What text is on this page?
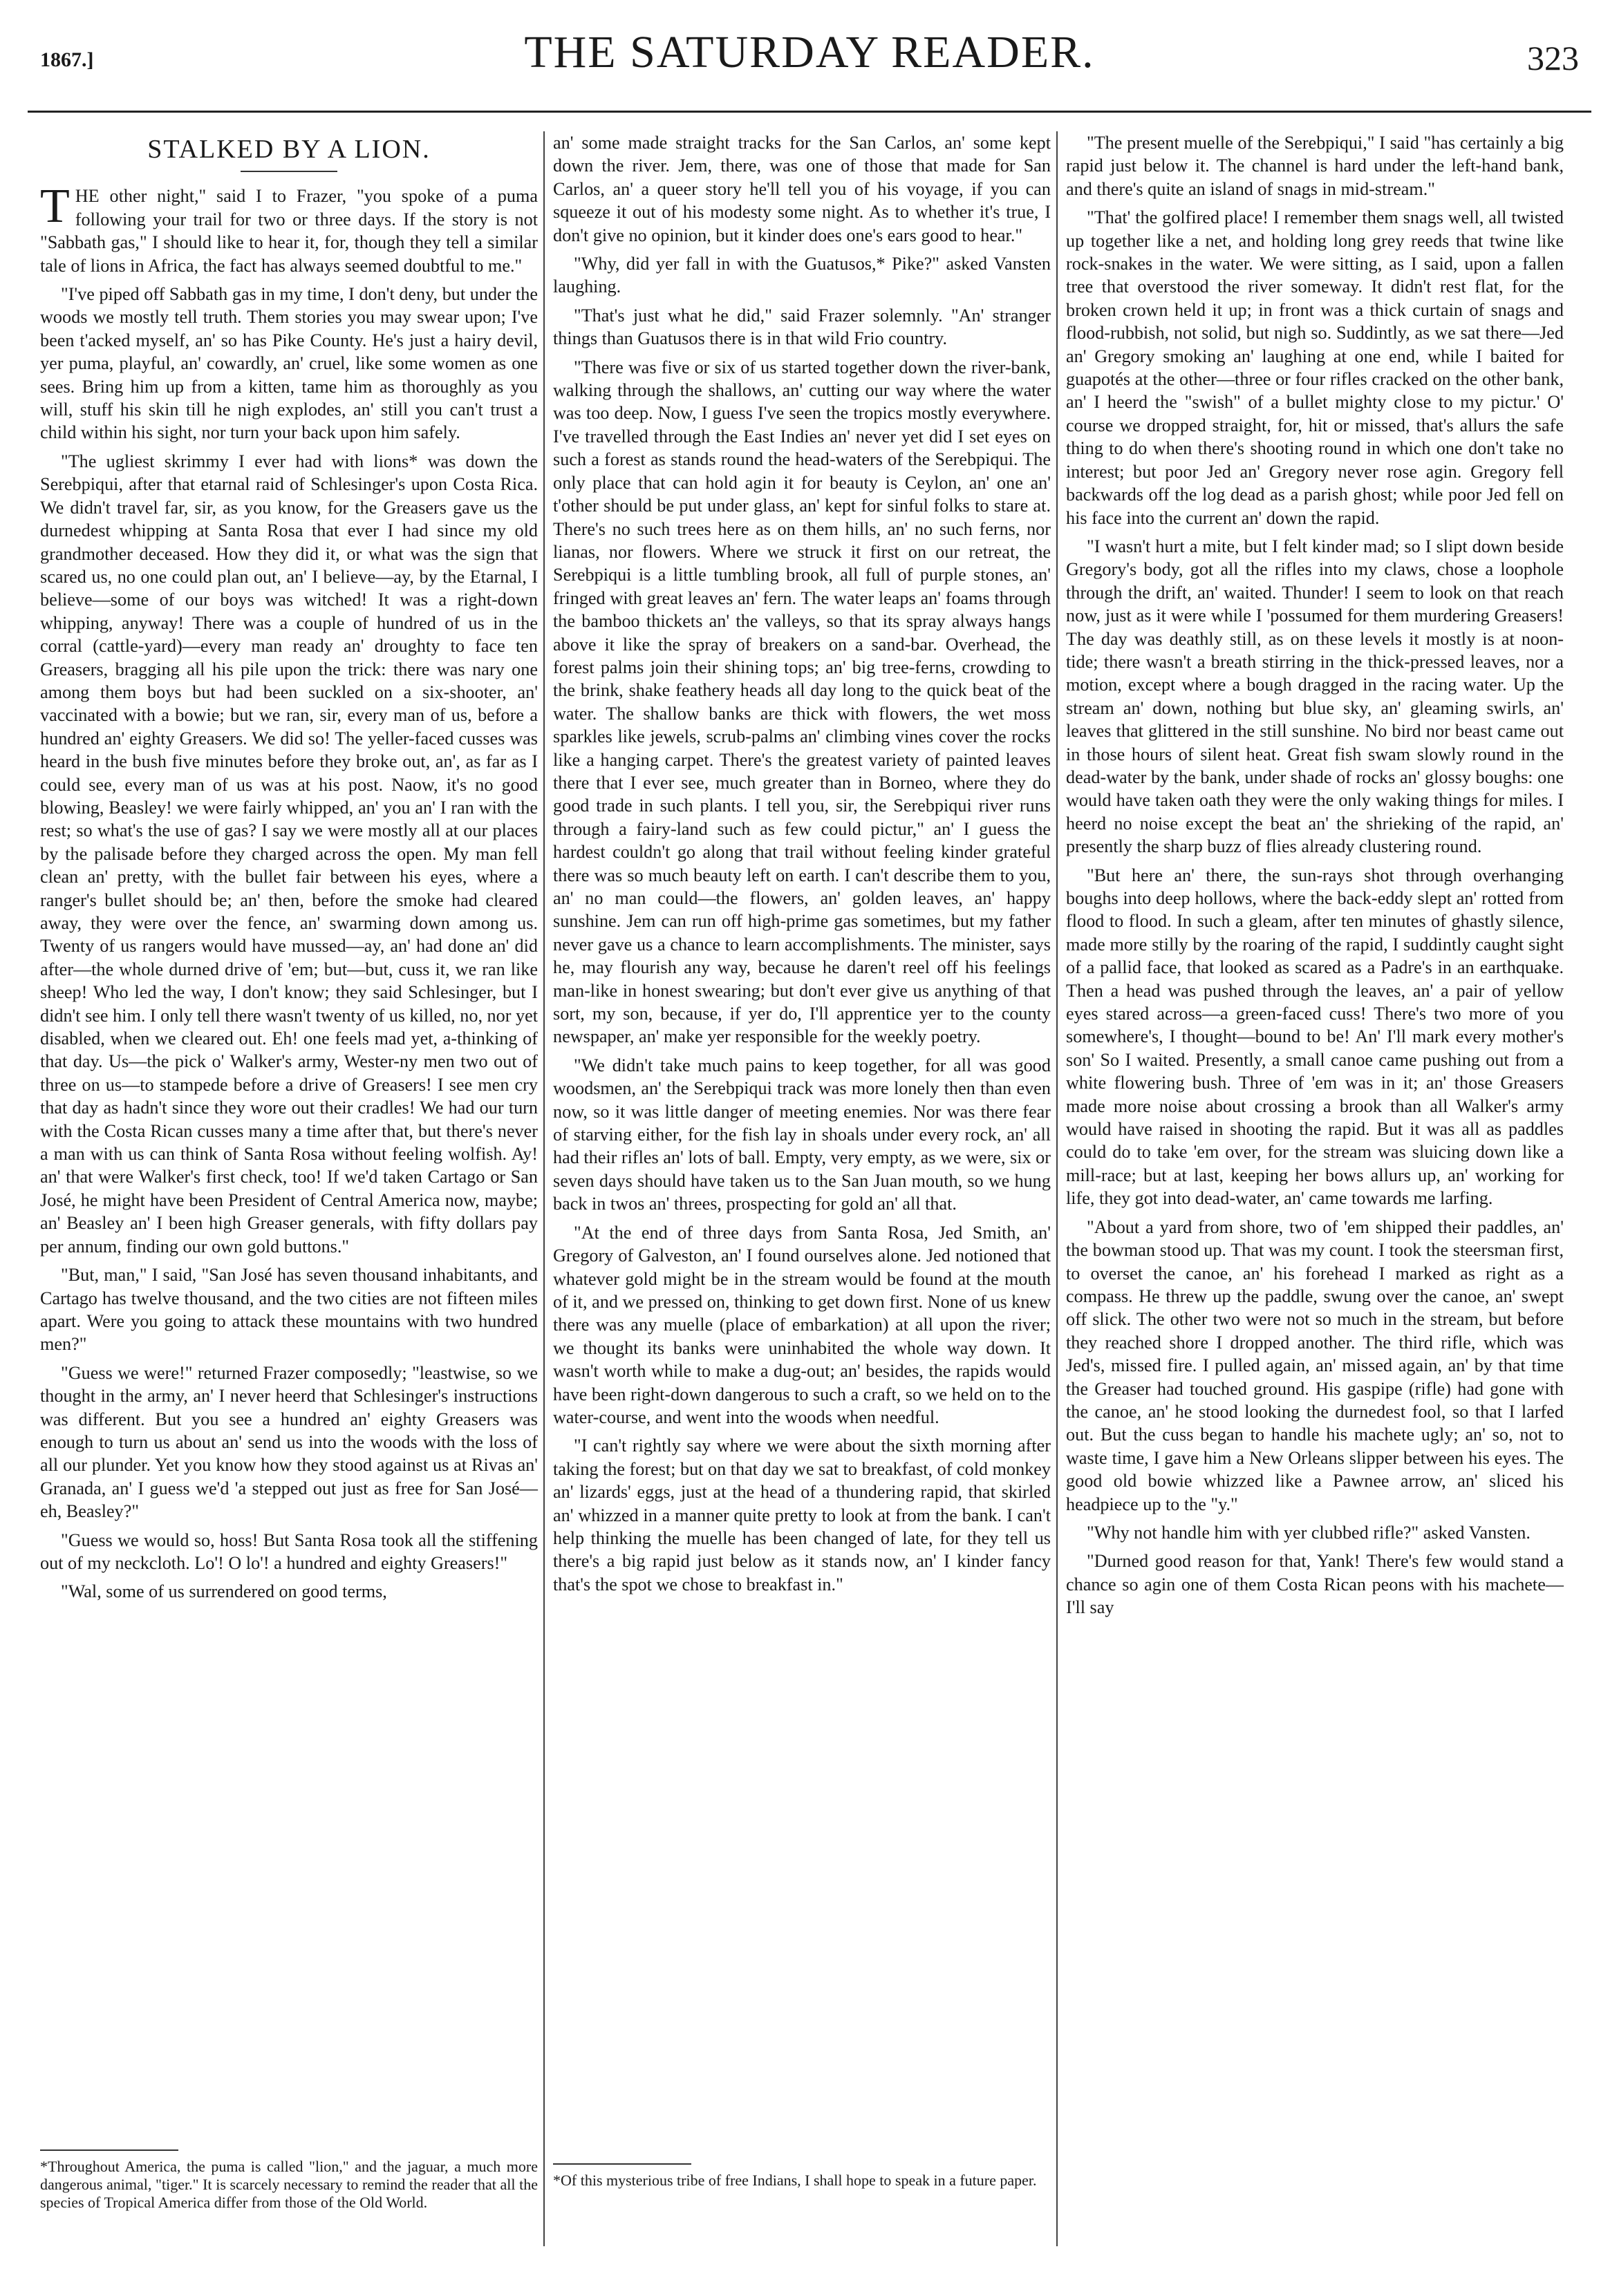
1867.]	THE SATURDAY READER.	323
STALKED BY A LION.

THE other night," said I to Frazer, "you spoke of a puma following your trail for two or three days. If the story is not "Sabbath gas," I should like to hear it, for, though they tell a similar tale of lions in Africa, the fact has always seemed doubtful to me."

"I've piped off Sabbath gas in my time, I don't deny, but under the woods we mostly tell truth. Them stories you may swear upon; I've been t'acked myself, an' so has Pike County. He's just a hairy devil, yer puma, playful, an' cowardly, an' cruel, like some women as one sees. Bring him up from a kitten, tame him as thoroughly as you will, stuff his skin till he nigh explodes, an' still you can't trust a child within his sight, nor turn your back upon him safely.

"The ugliest skrimmy I ever had with lions* was down the Serebpiqui, after that etarnal raid of Schlesinger's upon Costa Rica. We didn't travel far, sir, as you know, for the Greasers gave us the durnedest whipping at Santa Rosa that ever I had since my old grandmother deceased. How they did it, or what was the sign that scared us, no one could plan out, an' I believe—ay, by the Etarnal, I believe—some of our boys was witched! It was a right-down whipping, anyway! There was a couple of hundred of us in the corral (cattle-yard)—every man ready an' droughty to face ten Greasers, bragging all his pile upon the trick: there was nary one among them boys but had been suckled on a six-shooter, an' vaccinated with a bowie; but we ran, sir, every man of us, before a hundred an' eighty Greasers. We did so! The yeller-faced cusses was heard in the bush five minutes before they broke out, an', as far as I could see, every man of us was at his post. Naow, it's no good blowing, Beasley! we were fairly whipped, an' you an' I ran with the rest; so what's the use of gas? I say we were mostly all at our places by the palisade before they charged across the open. My man fell clean an' pretty, with the bullet fair between his eyes, where a ranger's bullet should be; an' then, before the smoke had cleared away, they were over the fence, an' swarming down among us. Twenty of us rangers would have mussed—ay, an' had done an' did after—the whole durned drive of 'em; but—but, cuss it, we ran like sheep! Who led the way, I don't know; they said Schlesinger, but I didn't see him. I only tell there wasn't twenty of us killed, no, nor yet disabled, when we cleared out. Eh! one feels mad yet, a-thinking of that day. Us—the pick o' Walker's army, Wester-ny men two out of three on us—to stampede before a drive of Greasers! I see men cry that day as hadn't since they wore out their cradles! We had our turn with the Costa Rican cusses many a time after that, but there's never a man with us can think of Santa Rosa without feeling wolfish. Ay! an' that were Walker's first check, too! If we'd taken Cartago or San José, he might have been President of Central America now, maybe; an' Beasley an' I been high Greaser generals, with fifty dollars pay per annum, finding our own gold buttons."

"But, man," I said, "San José has seven thousand inhabitants, and Cartago has twelve thousand, and the two cities are not fifteen miles apart. Were you going to attack these mountains with two hundred men?"

"Guess we were!" returned Frazer composedly; "leastwise, so we thought in the army, an' I never heerd that Schlesinger's instructions was different. But you see a hundred an' eighty Greasers was enough to turn us about an' send us into the woods with the loss of all our plunder. Yet you know how they stood against us at Rivas an' Granada, an' I guess we'd 'a stepped out just as free for San José—eh, Beasley?"

"Guess we would so, hoss! But Santa Rosa took all the stiffening out of my neckcloth. Lo'! O lo'! a hundred and eighty Greasers!"

"Wal, some of us surrendered on good terms,

*Throughout America, the puma is called "lion," and the jaguar, a much more dangerous animal, "tiger." It is scarcely necessary to remind the reader that all the species of Tropical America differ from those of the Old World.

an' some made straight tracks for the San Carlos, an' some kept down the river. Jem, there, was one of those that made for San Carlos, an' a queer story he'll tell you of his voyage, if you can squeeze it out of his modesty some night. As to whether it's true, I don't give no opinion, but it kinder does one's ears good to hear."

"Why, did yer fall in with the Guatusos,* Pike?" asked Vansten laughing.

"That's just what he did," said Frazer solemnly. "An' stranger things than Guatusos there is in that wild Frio country.

"There was five or six of us started together down the river-bank, walking through the shallows, an' cutting our way where the water was too deep. Now, I guess I've seen the tropics mostly everywhere. I've travelled through the East Indies an' never yet did I set eyes on such a forest as stands round the head-waters of the Serebpiqui. The only place that can hold agin it for beauty is Ceylon, an' one an' t'other should be put under glass, an' kept for sinful folks to stare at. There's no such trees here as on them hills, an' no such ferns, nor lianas, nor flowers. Where we struck it first on our retreat, the Serebpiqui is a little tumbling brook, all full of purple stones, an' fringed with great leaves an' fern. The water leaps an' foams through the bamboo thickets an' the valleys, so that its spray always hangs above it like the spray of breakers on a sand-bar. Overhead, the forest palms join their shining tops; an' big tree-ferns, crowding to the brink, shake feathery heads all day long to the quick beat of the water. The shallow banks are thick with flowers, the wet moss sparkles like jewels, scrub-palms an' climbing vines cover the rocks like a hanging carpet. There's the greatest variety of painted leaves there that I ever see, much greater than in Borneo, where they do good trade in such plants. I tell you, sir, the Serebpiqui river runs through a fairy-land such as few could pictur," an' I guess the hardest couldn't go along that trail without feeling kinder grateful there was so much beauty left on earth. I can't describe them to you, an' no man could—the flowers, an' golden leaves, an' happy sunshine. Jem can run off high-prime gas sometimes, but my father never gave us a chance to learn accomplishments. The minister, says he, may flourish any way, because he daren't reel off his feelings man-like in honest swearing; but don't ever give us anything of that sort, my son, because, if yer do, I'll apprentice yer to the county newspaper, an' make yer responsible for the weekly poetry.

"We didn't take much pains to keep together, for all was good woodsmen, an' the Serebpiqui track was more lonely then than even now, so it was little danger of meeting enemies. Nor was there fear of starving either, for the fish lay in shoals under every rock, an' all had their rifles an' lots of ball. Empty, very empty, as we were, six or seven days should have taken us to the San Juan mouth, so we hung back in twos an' threes, prospecting for gold an' all that.

"At the end of three days from Santa Rosa, Jed Smith, an' Gregory of Galveston, an' I found ourselves alone. Jed notioned that whatever gold might be in the stream would be found at the mouth of it, and we pressed on, thinking to get down first. None of us knew there was any muelle (place of embarkation) at all upon the river; we thought its banks were uninhabited the whole way down. It wasn't worth while to make a dug-out; an' besides, the rapids would have been right-down dangerous to such a craft, so we held on to the water-course, and went into the woods when needful.

"I can't rightly say where we were about the sixth morning after taking the forest; but on that day we sat to breakfast, of cold monkey an' lizards' eggs, just at the head of a thundering rapid, that skirled an' whizzed in a manner quite pretty to look at from the bank. I can't help thinking the muelle has been changed of late, for they tell us there's a big rapid just below as it stands now, an' I kinder fancy that's the spot we chose to breakfast in."

*Of this mysterious tribe of free Indians, I shall hope to speak in a future paper.

"The present muelle of the Serebpiqui," I said "has certainly a big rapid just below it. The channel is hard under the left-hand bank, and there's quite an island of snags in mid-stream."

"That' the golfired place! I remember them snags well, all twisted up together like a net, and holding long grey reeds that twine like rock-snakes in the water. We were sitting, as I said, upon a fallen tree that overstood the river someway. It didn't rest flat, for the broken crown held it up; in front was a thick curtain of snags and flood-rubbish, not solid, but nigh so. Suddintly, as we sat there—Jed an' Gregory smoking an' laughing at one end, while I baited for guapotés at the other—three or four rifles cracked on the other bank, an' I heerd the "swish" of a bullet mighty close to my pictur.' O' course we dropped straight, for, hit or missed, that's allurs the safe thing to do when there's shooting round in which one don't take no interest; but poor Jed an' Gregory never rose agin. Gregory fell backwards off the log dead as a parish ghost; while poor Jed fell on his face into the current an' down the rapid.

"I wasn't hurt a mite, but I felt kinder mad; so I slipt down beside Gregory's body, got all the rifles into my claws, chose a loophole through the drift, an' waited. Thunder! I seem to look on that reach now, just as it were while I 'possumed for them murdering Greasers! The day was deathly still, as on these levels it mostly is at noon-tide; there wasn't a breath stirring in the thick-pressed leaves, nor a motion, except where a bough dragged in the racing water. Up the stream an' down, nothing but blue sky, an' gleaming swirls, an' leaves that glittered in the still sunshine. No bird nor beast came out in those hours of silent heat. Great fish swam slowly round in the dead-water by the bank, under shade of rocks an' glossy boughs: one would have taken oath they were the only waking things for miles. I heerd no noise except the beat an' the shrieking of the rapid, an' presently the sharp buzz of flies already clustering round.

"But here an' there, the sun-rays shot through overhanging boughs into deep hollows, where the back-eddy slept an' rotted from flood to flood. In such a gleam, after ten minutes of ghastly silence, made more stilly by the roaring of the rapid, I suddintly caught sight of a pallid face, that looked as scared as a Padre's in an earthquake. Then a head was pushed through the leaves, an' a pair of yellow eyes stared across—a green-faced cuss! There's two more of you somewhere's, I thought—bound to be! An' I'll mark every mother's son' So I waited. Presently, a small canoe came pushing out from a white flowering bush. Three of 'em was in it; an' those Greasers made more noise about crossing a brook than all Walker's army would have raised in shooting the rapid. But it was all as paddles could do to take 'em over, for the stream was sluicing down like a mill-race; but at last, keeping her bows allurs up, an' working for life, they got into dead-water, an' came towards me larfing.

"About a yard from shore, two of 'em shipped their paddles, an' the bowman stood up. That was my count. I took the steersman first, to overset the canoe, an' his forehead I marked as right as a compass. He threw up the paddle, swung over the canoe, an' swept off slick. The other two were not so much in the stream, but before they reached shore I dropped another. The third rifle, which was Jed's, missed fire. I pulled again, an' missed again, an' by that time the Greaser had touched ground. His gaspipe (rifle) had gone with the canoe, an' he stood looking the durnedest fool, so that I larfed out. But the cuss began to handle his machete ugly; an' so, not to waste time, I gave him a New Orleans slipper between his eyes. The good old bowie whizzed like a Pawnee arrow, an' sliced his headpiece up to the "y."

"Why not handle him with yer clubbed rifle?" asked Vansten.

"Durned good reason for that, Yank! There's few would stand a chance so agin one of them Costa Rican peons with his machete—I'll say
